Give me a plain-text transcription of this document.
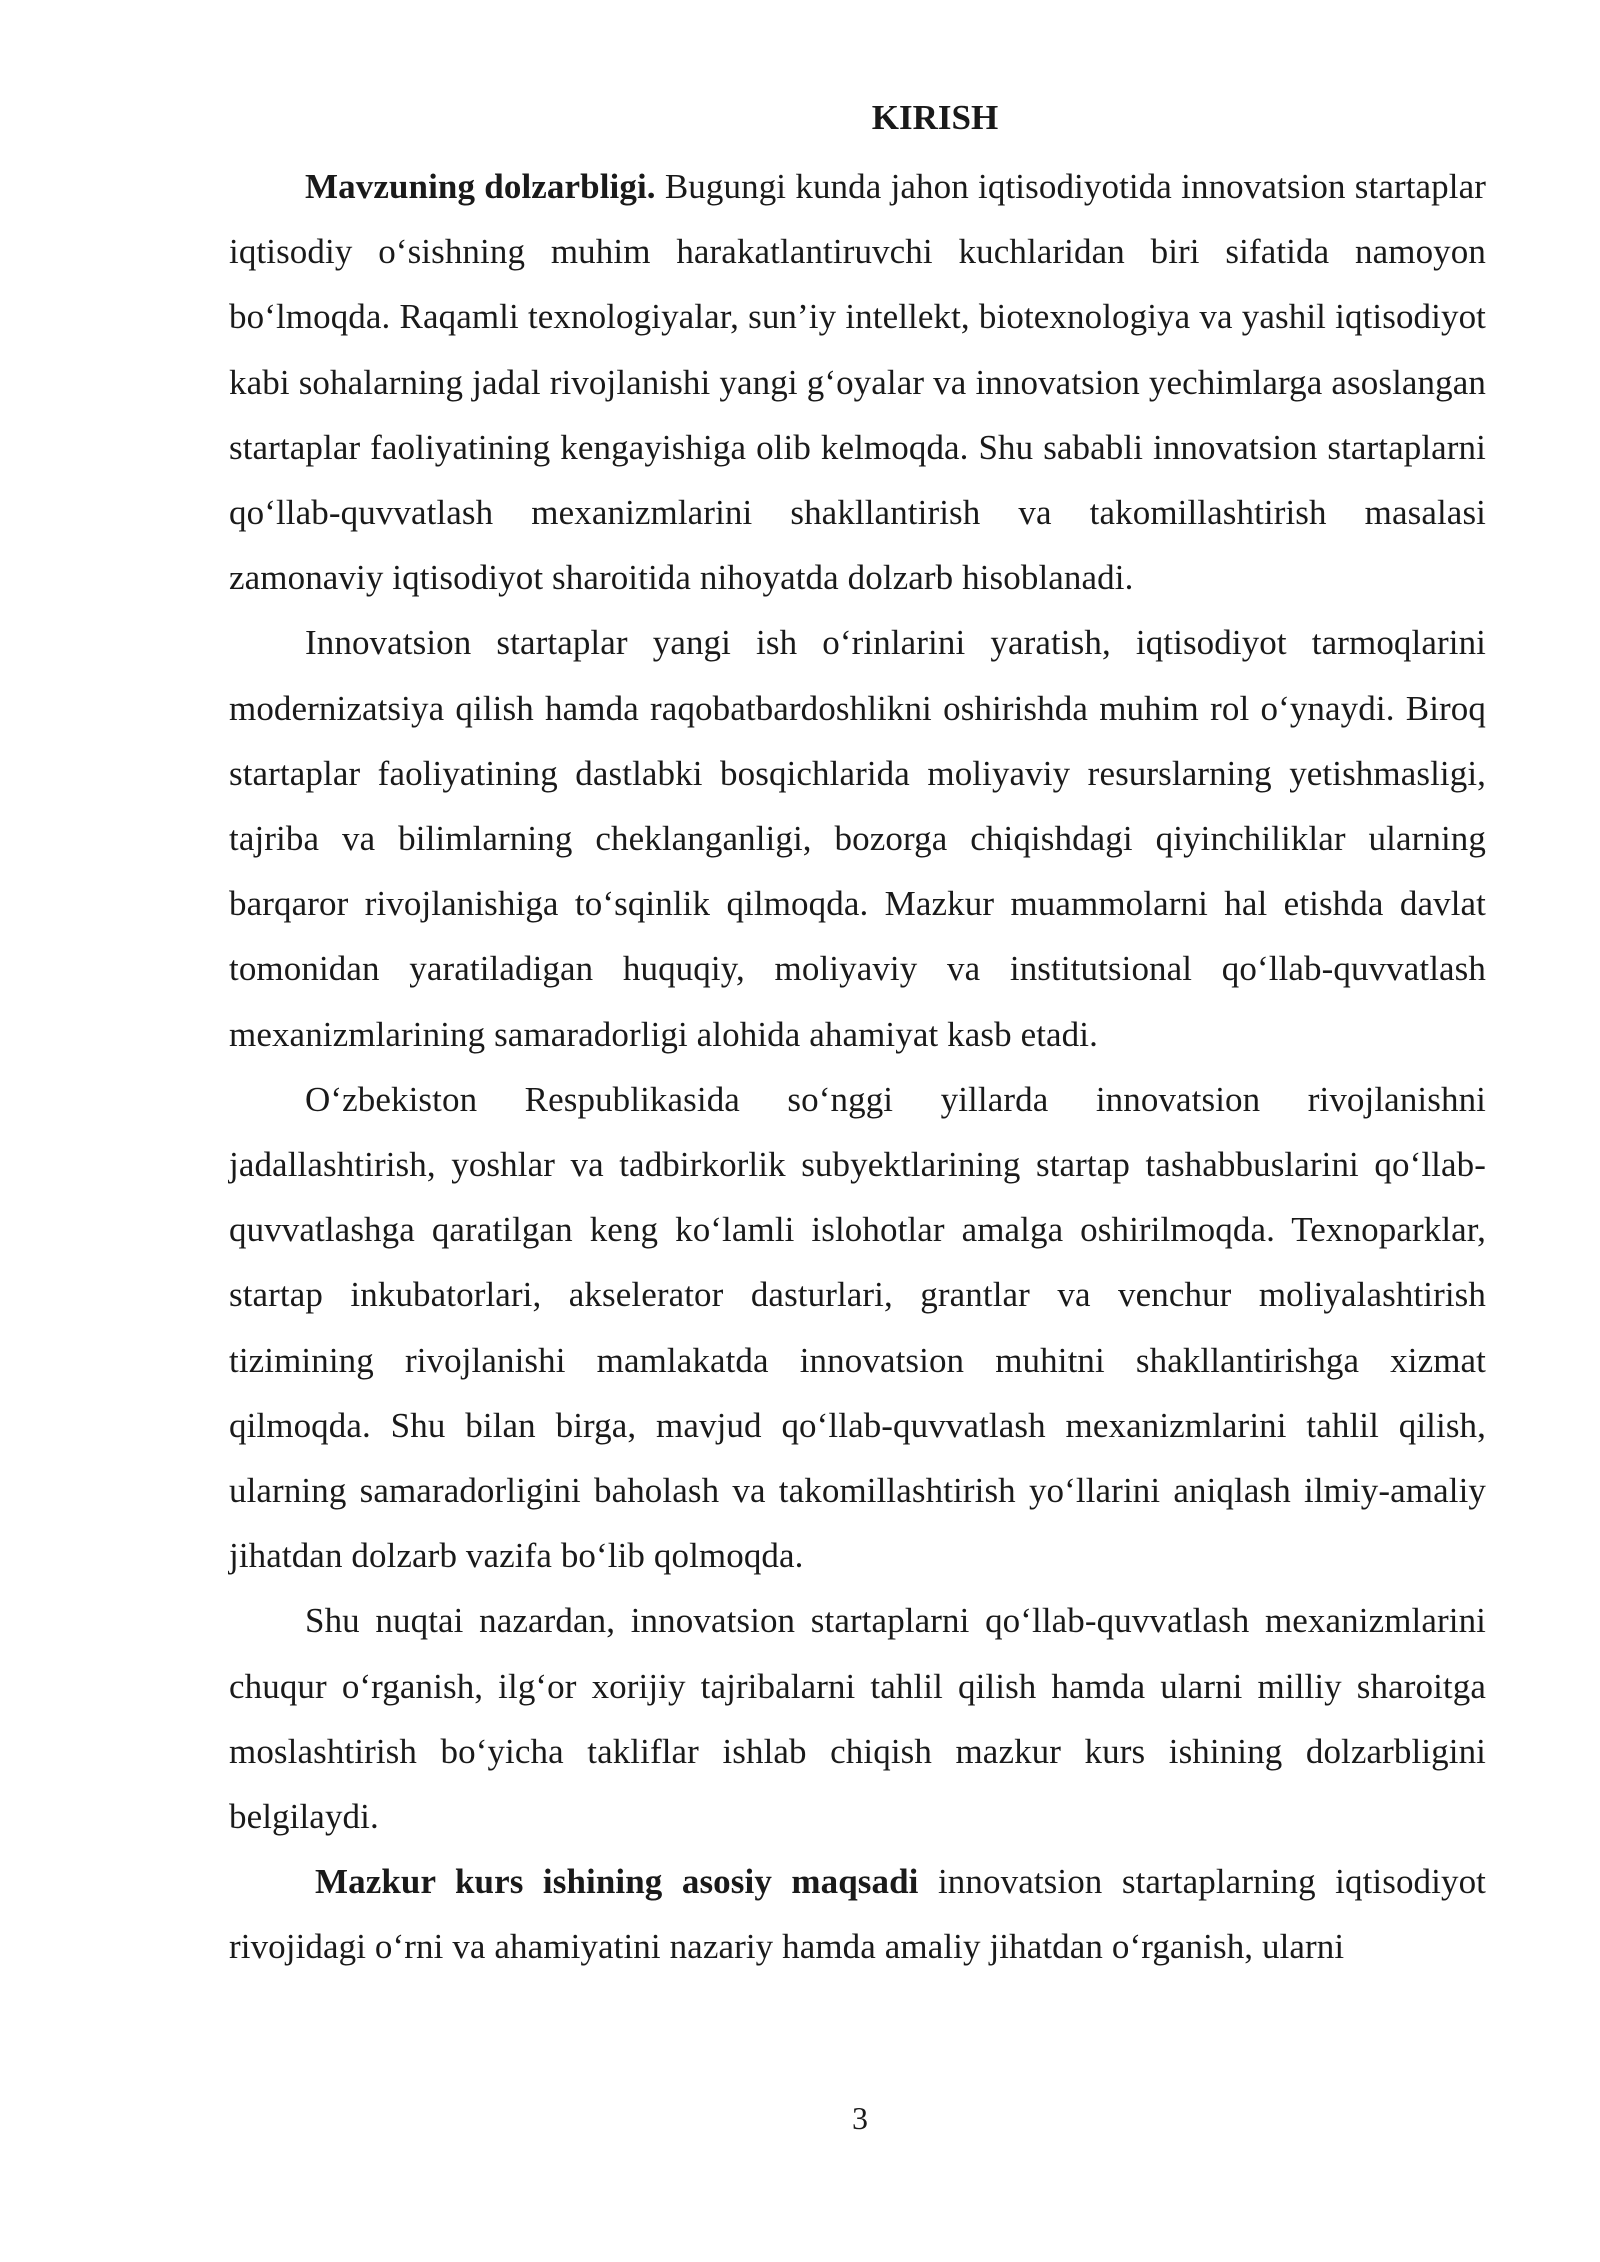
KIRISH

Mavzuning dolzarbligi. Bugungi kunda jahon iqtisodiyotida innovatsion startaplar iqtisodiy o‘sishning muhim harakatlantiruvchi kuchlaridan biri sifatida namoyon bo‘lmoqda. Raqamli texnologiyalar, sun’iy intellekt, biotexnologiya va yashil iqtisodiyot kabi sohalarning jadal rivojlanishi yangi g‘oyalar va innovatsion yechimlarga asoslangan startaplar faoliyatining kengayishiga olib kelmoqda. Shu sababli innovatsion startaplarni qo‘llab-quvvatlash mexanizmlarini shakllantirish va takomillashtirish masalasi zamonaviy iqtisodiyot sharoitida nihoyatda dolzarb hisoblanadi.

Innovatsion startaplar yangi ish o‘rinlarini yaratish, iqtisodiyot tarmoqlarini modernizatsiya qilish hamda raqobatbardoshlikni oshirishda muhim rol o‘ynaydi. Biroq startaplar faoliyatining dastlabki bosqichlarida moliyaviy resurslarning yetishmasligi, tajriba va bilimlarning cheklanganligi, bozorga chiqishdagi qiyinchiliklar ularning barqaror rivojlanishiga to‘sqinlik qilmoqda. Mazkur muammolarni hal etishda davlat tomonidan yaratiladigan huquqiy, moliyaviy va institutsional qo‘llab-quvvatlash mexanizmlarining samaradorligi alohida ahamiyat kasb etadi.

O‘zbekiston Respublikasida so‘nggi yillarda innovatsion rivojlanishni jadallashtirish, yoshlar va tadbirkorlik subyektlarining startap tashabbuslarini qo‘llab-quvvatlashga qaratilgan keng ko‘lamli islohotlar amalga oshirilmoqda. Texnoparklar, startap inkubatorlari, akselerator dasturlari, grantlar va venchur moliyalashtirish tizimining rivojlanishi mamlakatda innovatsion muhitni shakllantirishga xizmat qilmoqda. Shu bilan birga, mavjud qo‘llab-quvvatlash mexanizmlarini tahlil qilish, ularning samaradorligini baholash va takomillashtirish yo‘llarini aniqlash ilmiy-amaliy jihatdan dolzarb vazifa bo‘lib qolmoqda.

Shu nuqtai nazardan, innovatsion startaplarni qo‘llab-quvvatlash mexanizmlarini chuqur o‘rganish, ilg‘or xorijiy tajribalarni tahlil qilish hamda ularni milliy sharoitga moslashtirish bo‘yicha takliflar ishlab chiqish mazkur kurs ishining dolzarbligini belgilaydi.

Mazkur kurs ishining asosiy maqsadi innovatsion startaplarning iqtisodiyot rivojidagi o‘rni va ahamiyatini nazariy hamda amaliy jihatdan o‘rganish, ularni

3
